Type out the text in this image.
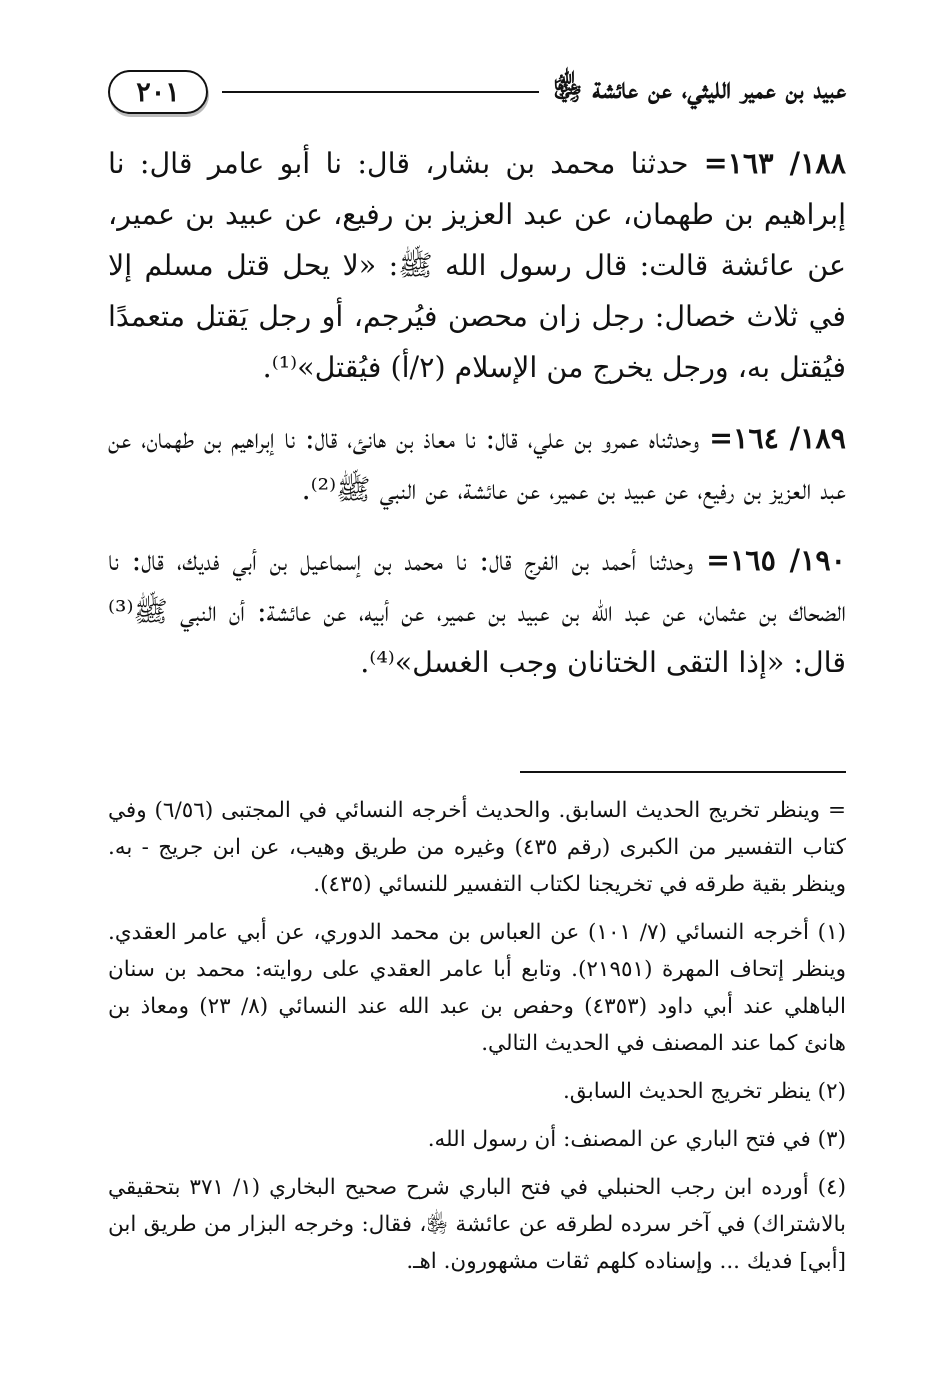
عبيد بن عمير الليثي، عن عائشة ﵂
٢٠١

١٨٨/ ١٦٣= حدثنا محمد بن بشار، قال: نا أبو عامر قال: نا إبراهيم بن طهمان، عن عبد العزيز بن رفيع، عن عبيد بن عمير، عن عائشة قالت: قال رسول الله ﷺ: «لا يحل قتل مسلم إلا في ثلاث خصال: رجل زان محصن فيُرجم، أو رجل يَقتل متعمدًا فيُقتل به، ورجل يخرج من الإسلام (٢/أ) فيُقتل»⁽¹⁾.

١٨٩/ ١٦٤= وحدثناه عمرو بن علي، قال: نا معاذ بن هانئ، قال: نا إبراهيم بن طهمان، عن عبد العزيز بن رفيع، عن عبيد بن عمير، عن عائشة، عن النبي ﷺ⁽²⁾.

١٩٠/ ١٦٥= وحدثنا أحمد بن الفرج قال: نا محمد بن إسماعيل بن أبي فديك، قال: نا الضحاك بن عثمان، عن عبد الله بن عبيد بن عمير، عن أبيه، عن عائشة: أن النبي ﷺ⁽³⁾ قال: «إذا التقى الختانان وجب الغسل»⁽⁴⁾.

= وينظر تخريج الحديث السابق. والحديث أخرجه النسائي في المجتبى (٦/٥٦) وفي كتاب التفسير من الكبرى (رقم ٤٣٥) وغيره من طريق وهيب، عن ابن جريج - به. وينظر بقية طرقه في تخريجنا لكتاب التفسير للنسائي (٤٣٥).

(١) أخرجه النسائي (٧/ ١٠١) عن العباس بن محمد الدوري، عن أبي عامر العقدي. وينظر إتحاف المهرة (٢١٩٥١). وتابع أبا عامر العقدي على روايته: محمد بن سنان الباهلي عند أبي داود (٤٣٥٣) وحفص بن عبد الله عند النسائي (٨/ ٢٣) ومعاذ بن هانئ كما عند المصنف في الحديث التالي.

(٢) ينظر تخريج الحديث السابق.

(٣) في فتح الباري عن المصنف: أن رسول الله.

(٤) أورده ابن رجب الحنبلي في فتح الباري شرح صحيح البخاري (١/ ٣٧١ بتحقيقي بالاشتراك) في آخر سرده لطرقه عن عائشة ﵂، فقال: وخرجه البزار من طريق ابن [أبي] فديك ... وإسناده كلهم ثقات مشهورون. اهـ.
